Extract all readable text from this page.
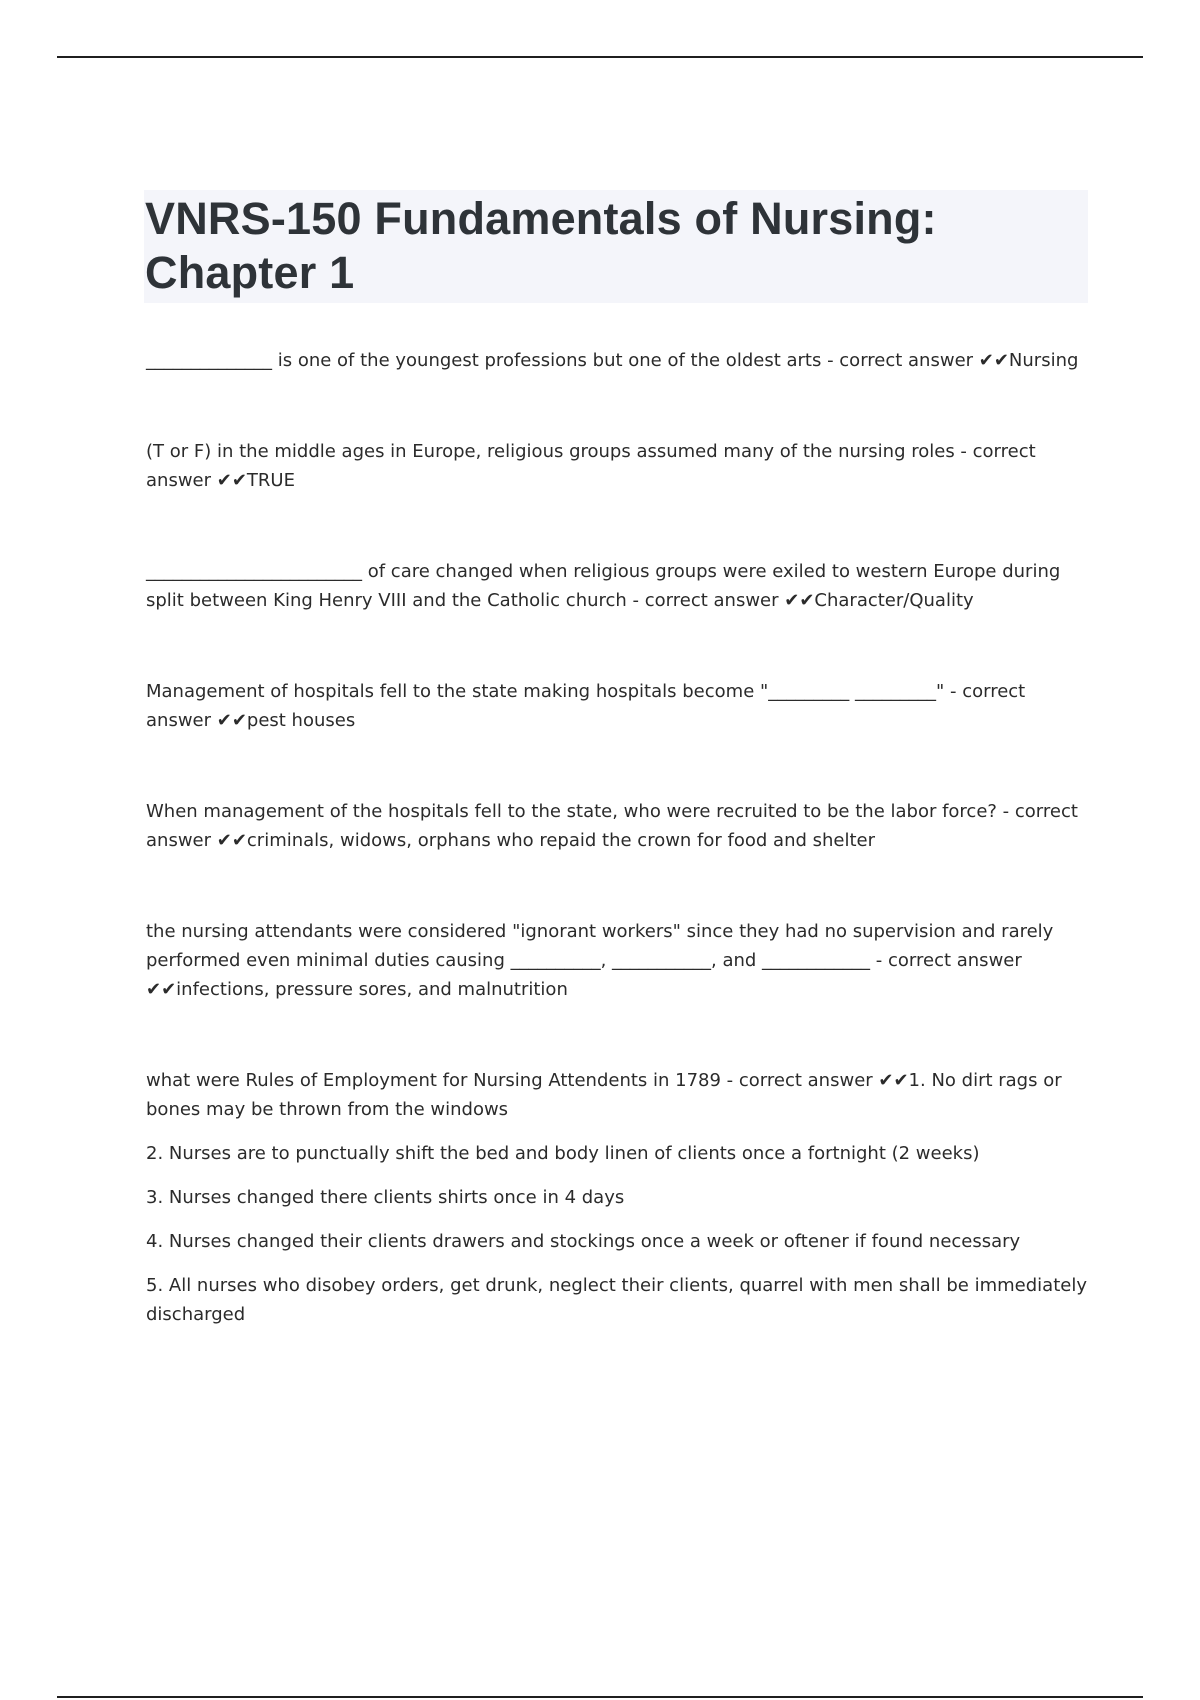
VNRS-150 Fundamentals of Nursing: Chapter 1

______________ is one of the youngest professions but one of the oldest arts - correct answer ✔✔Nursing

(T or F) in the middle ages in Europe, religious groups assumed many of the nursing roles - correct answer ✔✔TRUE

________________________ of care changed when religious groups were exiled to western Europe during split between King Henry VIII and the Catholic church - correct answer ✔✔Character/Quality

Management of hospitals fell to the state making hospitals become "_________ _________" - correct answer ✔✔pest houses

When management of the hospitals fell to the state, who were recruited to be the labor force? - correct answer ✔✔criminals, widows, orphans who repaid the crown for food and shelter

the nursing attendants were considered "ignorant workers" since they had no supervision and rarely performed even minimal duties causing __________, ___________, and ____________ - correct answer ✔✔infections, pressure sores, and malnutrition

what were Rules of Employment for Nursing Attendents in 1789 - correct answer ✔✔1. No dirt rags or bones may be thrown from the windows

2. Nurses are to punctually shift the bed and body linen of clients once a fortnight (2 weeks)

3. Nurses changed there clients shirts once in 4 days

4. Nurses changed their clients drawers and stockings once a week or oftener if found necessary

5. All nurses who disobey orders, get drunk, neglect their clients, quarrel with men shall be immediately discharged
